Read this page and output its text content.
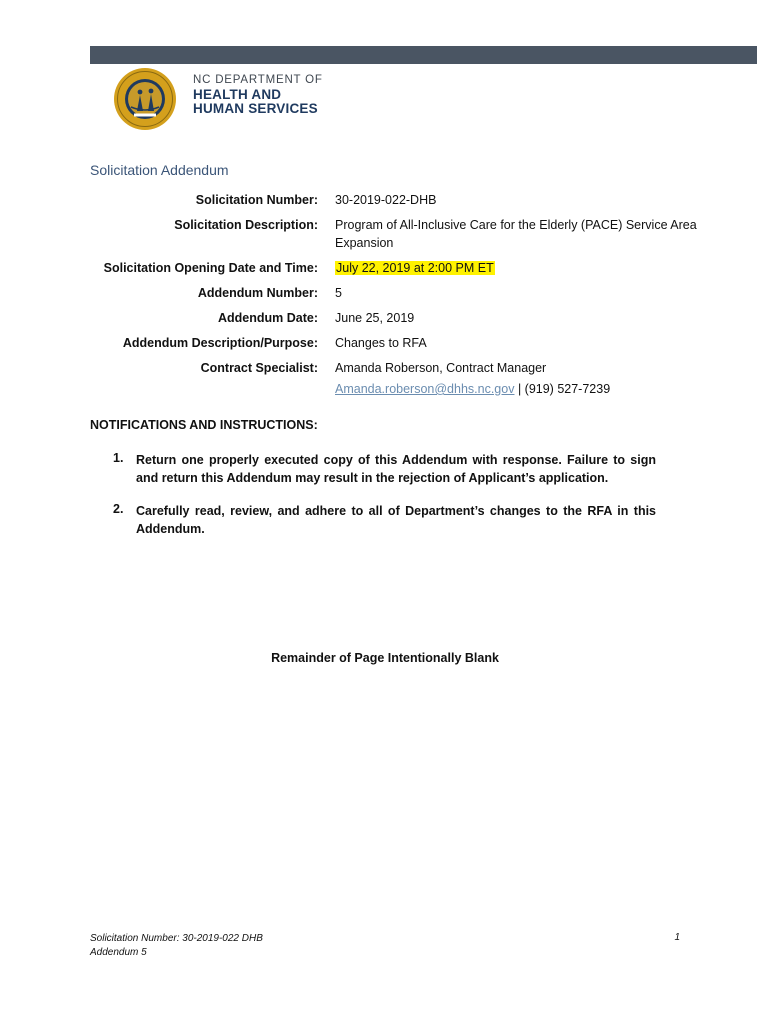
NC DEPARTMENT OF
HEALTH AND
HUMAN SERVICES
Solicitation Addendum
Solicitation Number: 30-2019-022-DHB
Solicitation Description: Program of All-Inclusive Care for the Elderly (PACE) Service Area
Expansion
Solicitation Opening Date and Time: July 22, 2019 at 2:00 PM ET
Addendum Number: 5
Addendum Date: June 25, 2019
Addendum Description/Purpose: Changes to RFA
Contract Specialist: Amanda Roberson, Contract Manager
Amanda.roberson@dhhs.nc.gov | (919) 527-7239
NOTIFICATIONS AND INSTRUCTIONS:
1. Return one properly executed copy of this Addendum with response. Failure to sign and return this Addendum may result in the rejection of Applicant’s application.
2. Carefully read, review, and adhere to all of Department’s changes to the RFA in this Addendum.
Remainder of Page Intentionally Blank
Solicitation Number: 30-2019-022 DHB
Addendum 5
1
